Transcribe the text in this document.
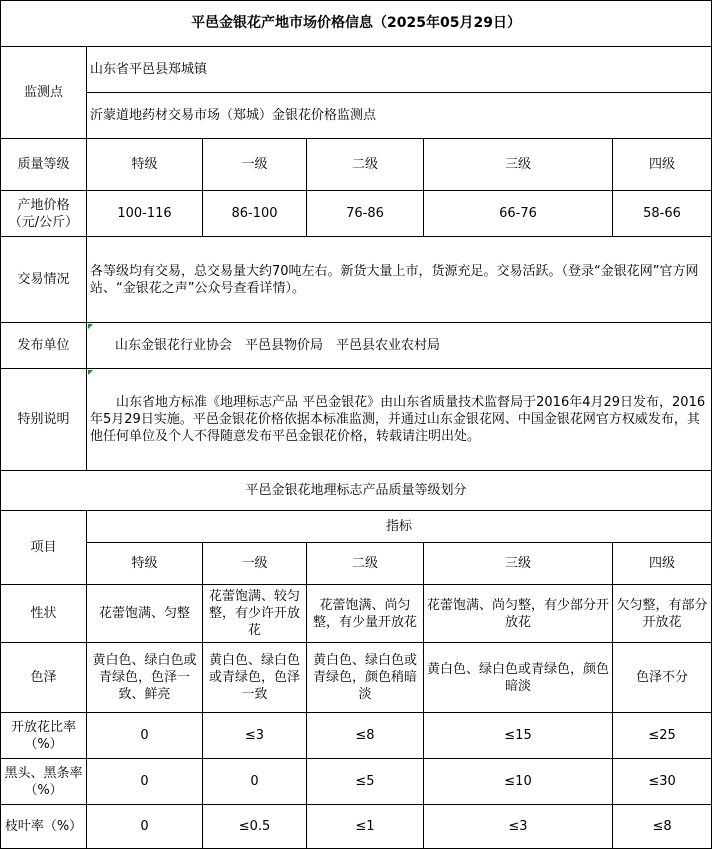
平邑金银花产地市场价格信息（2025年05月29日）						
监测点	山东省平邑县郑城镇					
	沂蒙道地药材交易市场（郑城）金银花价格监测点					
质量等级	特级	一级	二级	三级	四级	
产地价格（元/公斤）	100-116	86-100	76-86	66-76	58-66	
交易情况	各等级均有交易，总交易量大约70吨左右。新货大量上市，货源充足。交易活跃。（登录“金银花网”官方网站、“金银花之声”公众号查看详情）。					
发布单位	山东金银花行业协会　平邑县物价局　平邑县农业农村局					
特别说明	山东省地方标准《地理标志产品 平邑金银花》由山东省质量技术监督局于2016年4月29日发布，2016年5月29日实施。平邑金银花价格依据本标准监测，并通过山东金银花网、中国金银花网官方权威发布，其他任何单位及个人不得随意发布平邑金银花价格，转载请注明出处。					
平邑金银花地理标志产品质量等级划分						
项目	指标					
	特级	一级	二级	三级	四级	
性状	花蕾饱满、匀整	花蕾饱满、较匀整，有少许开放花	花蕾饱满、尚匀整，有少量开放花	花蕾饱满、尚匀整，有少部分开放花	欠匀整，有部分开放花	
色泽	黄白色、绿白色或青绿色，色泽一致、鲜亮	黄白色、绿白色或青绿色，色泽一致	黄白色、绿白色或青绿色，颜色稍暗淡	黄白色、绿白色或青绿色，颜色暗淡	色泽不分	
开放花比率（%）	0	≤3	≤8	≤15	≤25	
黑头、黑条率（%）	0	0	≤5	≤10	≤30	
枝叶率（%）	0	≤0.5	≤1	≤3	≤8	
